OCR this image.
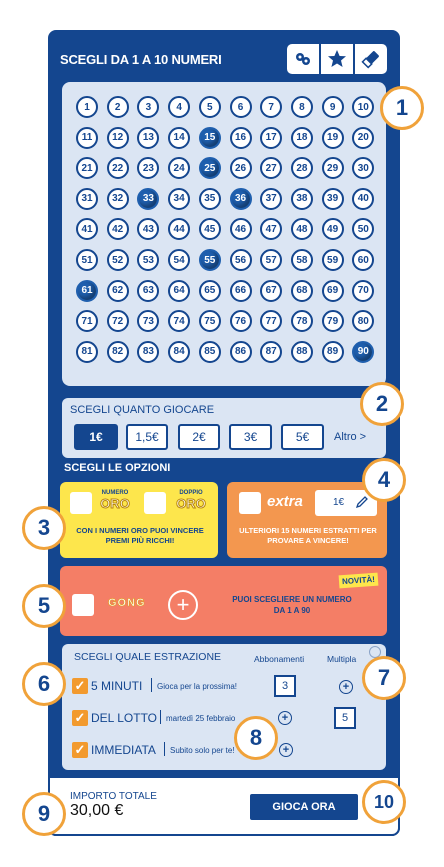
SCEGLI DA 1 A 10 NUMERI
1	2	3	4	5	6	7	8	9	10
11	12	13	14	15	16	17	18	19	20
21	22	23	24	25	26	27	28	29	30
31	32	33	34	35	36	37	38	39	40
41	42	43	44	45	46	47	48	49	50
51	52	53	54	55	56	57	58	59	60
61	62	63	64	65	66	67	68	69	70
71	72	73	74	75	76	77	78	79	80
81	82	83	84	85	86	87	88	89	90
SCEGLI QUANTO GIOCARE
1€	1,5€	2€	3€	5€	Altro >
SCEGLI LE OPZIONI
NUMERO
ORO
DOPPIO
ORO
CON I NUMERI ORO PUOI VINCERE PREMI PIÙ RICCHI!
extra	1€
ULTERIORI 15 NUMERI ESTRATTI PER PROVARE A VINCERE!
GONG	+	PUOI SCEGLIERE UN NUMERO DA 1 A 90
NOVITÀ!
SCEGLI QUALE ESTRAZIONE	Abbonamenti	Multipla
✓ 5 MINUTI Gioca per la prossima!	3	+
✓ DEL LOTTO martedì 25 febbraio	+	5
✓ IMMEDIATA Subito solo per te!	+
IMPORTO TOTALE
30,00 €	GIOCA ORA
1
2
3
4
5
6	7
8
9	10
